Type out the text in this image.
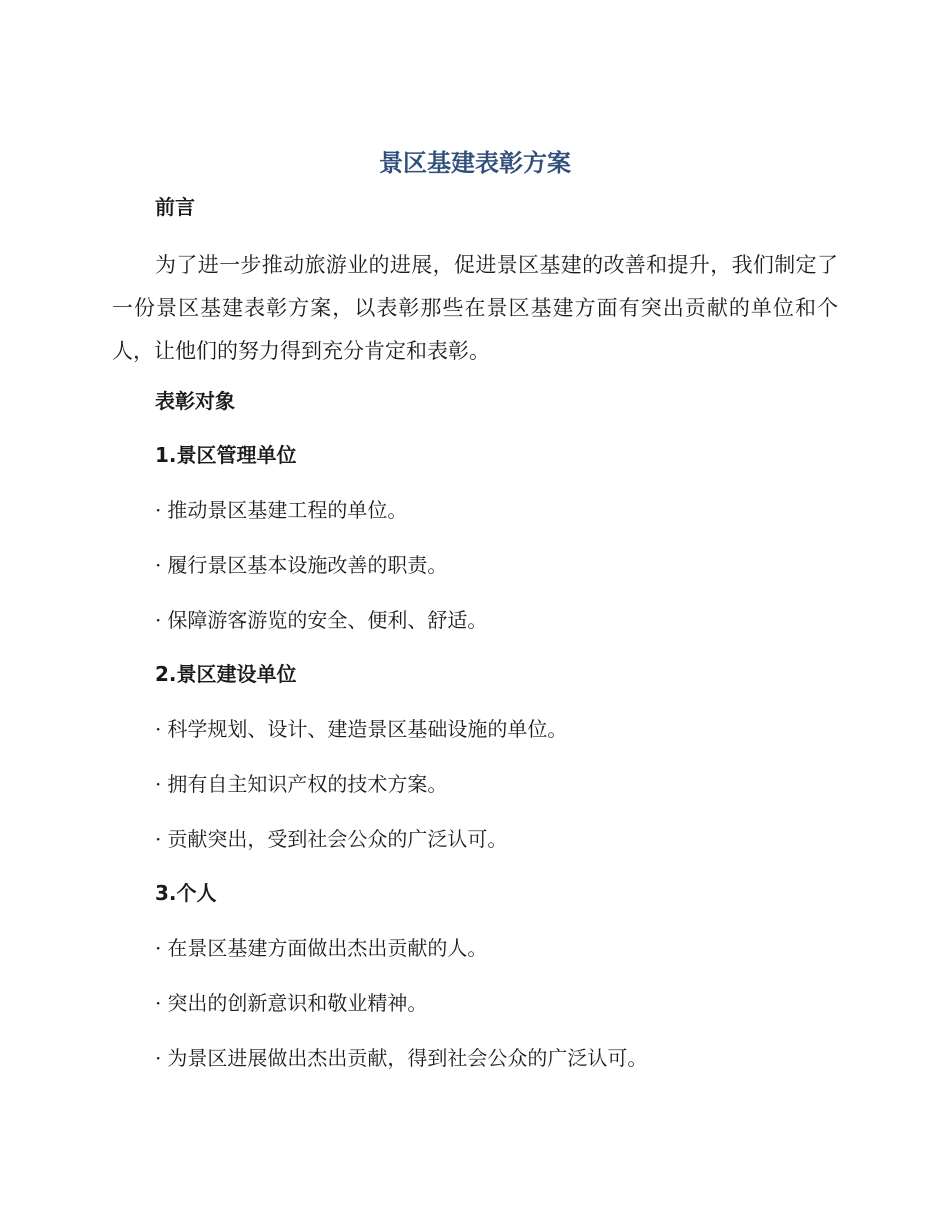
景区基建表彰方案
前言

为了进一步推动旅游业的进展，促进景区基建的改善和提升，我们制定了一份景区基建表彰方案，以表彰那些在景区基建方面有突出贡献的单位和个人，让他们的努力得到充分肯定和表彰。

表彰对象
1.景区管理单位

· 推动景区基建工程的单位。

· 履行景区基本设施改善的职责。

· 保障游客游览的安全、便利、舒适。

2.景区建设单位

· 科学规划、设计、建造景区基础设施的单位。

· 拥有自主知识产权的技术方案。

· 贡献突出，受到社会公众的广泛认可。

3.个人

· 在景区基建方面做出杰出贡献的人。

· 突出的创新意识和敬业精神。

· 为景区进展做出杰出贡献，得到社会公众的广泛认可。
